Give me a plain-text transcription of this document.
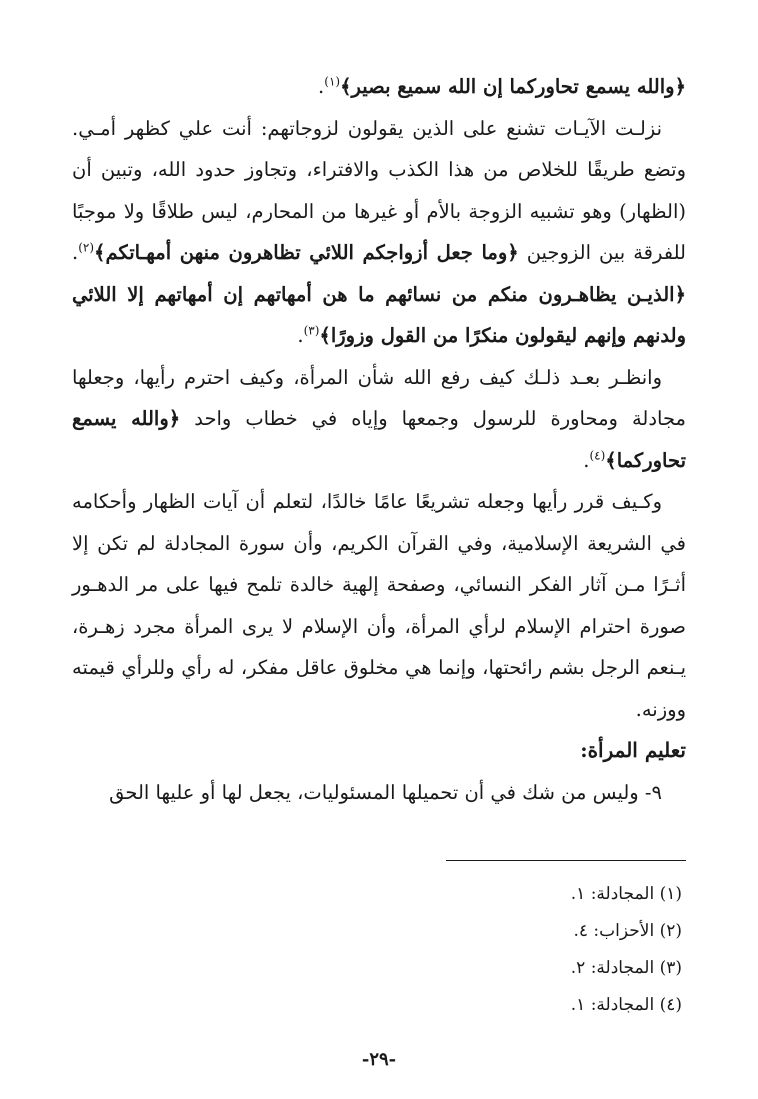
﴿والله يسمع تحاوركما إن الله سميع بصير﴾$^{(١)}$.

نزلـت الآيـات تشنع على الذين يقولون لزوجاتهم: أنت علي كظهر أمـي. وتضع طريقًا للخلاص من هذا الكذب والافتراء، وتجاوز حدود الله، وتبين أن (الظهار) وهو تشبيه الزوجة بالأم أو غيرها من المحارم، ليس طلاقًا ولا موجبًا للفرقة بين الزوجين ﴿وما جعل أزواجكم اللائي تظاهرون منهن أمهـاتكم﴾$^{(٢)}$. ﴿الذيـن يظاهـرون منكم من نسائهم ما هن أمهاتهم إن أمهاتهم إلا اللائي ولدنهم وإنهم ليقولون منكرًا من القول وزورًا﴾$^{(٣)}$.

وانظـر بعـد ذلـك كيف رفع الله شأن المرأة، وكيف احترم رأيها، وجعلها مجادلة ومحاورة للرسول وجمعها وإياه في خطاب واحد ﴿والله يسمع تحاوركما﴾$^{(٤)}$.

وكـيف قرر رأيها وجعله تشريعًا عامًا خالدًا، لتعلم أن آيات الظهار وأحكامه في الشريعة الإسلامية، وفي القرآن الكريم، وأن سورة المجادلة لم تكن إلا أثـرًا مـن آثار الفكر النسائي، وصفحة إلهية خالدة تلمح فيها على مر الدهـور صورة احترام الإسلام لرأي المرأة، وأن الإسلام لا يرى المرأة مجرد زهـرة، يـنعم الرجل بشم رائحتها، وإنما هي مخلوق عاقل مفكر، له رأي وللرأي قيمته ووزنه.

تعليم المرأة:

٩- وليس من شك في أن تحميلها المسئوليات، يجعل لها أو عليها الحق

(١) المجادلة: ١.
(٢) الأحزاب: ٤.
(٣) المجادلة: ٢.
(٤) المجادلة: ١.
-٢٩-
